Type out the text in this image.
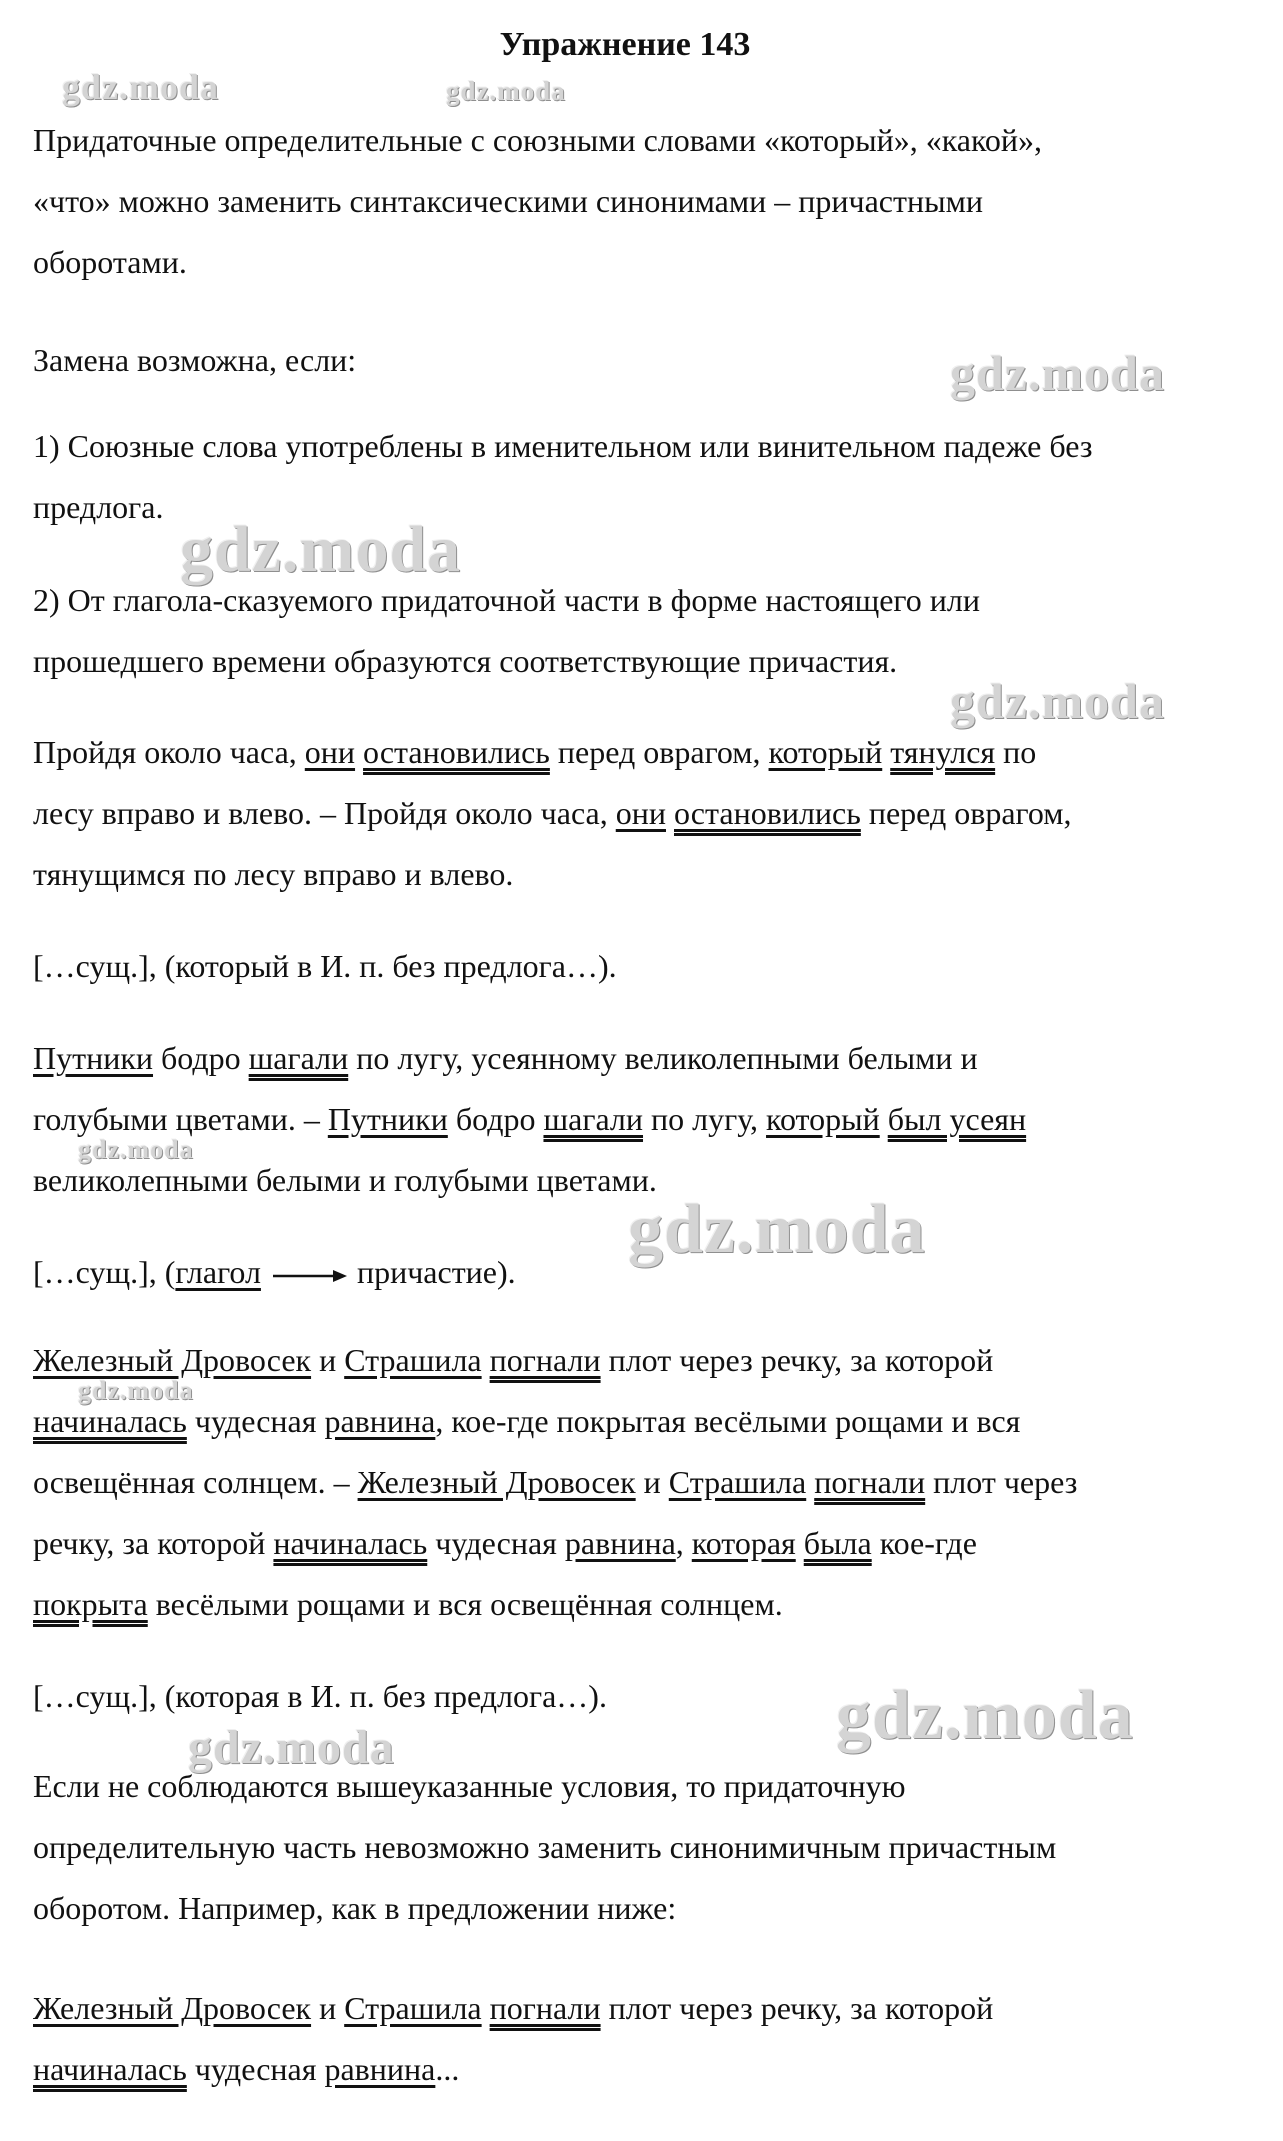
gdz.moda	gdz.moda
gdz.moda
gdz.moda
gdz.moda
gdz.moda
gdz.moda
gdz.moda
gdz.moda
gdz.moda
Упражнение 143

Придаточные определительные с союзными словами «который», «какой»,
«что» можно заменить синтаксическими синонимами – причастными
оборотами.

Замена возможна, если:

1) Союзные слова употреблены в именительном или винительном падеже без
предлога.

2) От глагола-сказуемого придаточной части в форме настоящего или
прошедшего времени образуются соответствующие причастия.

Пройдя около часа, они остановились перед оврагом, который тянулся по
лесу вправо и влево. – Пройдя около часа, они остановились перед оврагом,
тянущимся по лесу вправо и влево.

[…сущ.], (который в И. п. без предлога…).

Путники бодро шагали по лугу, усеянному великолепными белыми и
голубыми цветами. – Путники бодро шагали по лугу, который был усеян
великолепными белыми и голубыми цветами.

[…сущ.], (глагол	причастие).

Железный Дровосек и Страшила погнали плот через речку, за которой
начиналась чудесная равнина, кое-где покрытая весёлыми рощами и вся
освещённая солнцем. – Железный Дровосек и Страшила погнали плот через
речку, за которой начиналась чудесная равнина, которая была кое-где
покрыта весёлыми рощами и вся освещённая солнцем.

[…сущ.], (которая в И. п. без предлога…).

Если не соблюдаются вышеуказанные условия, то придаточную
определительную часть невозможно заменить синонимичным причастным
оборотом. Например, как в предложении ниже:

Железный Дровосек и Страшила погнали плот через речку, за которой
начиналась чудесная равнина...
